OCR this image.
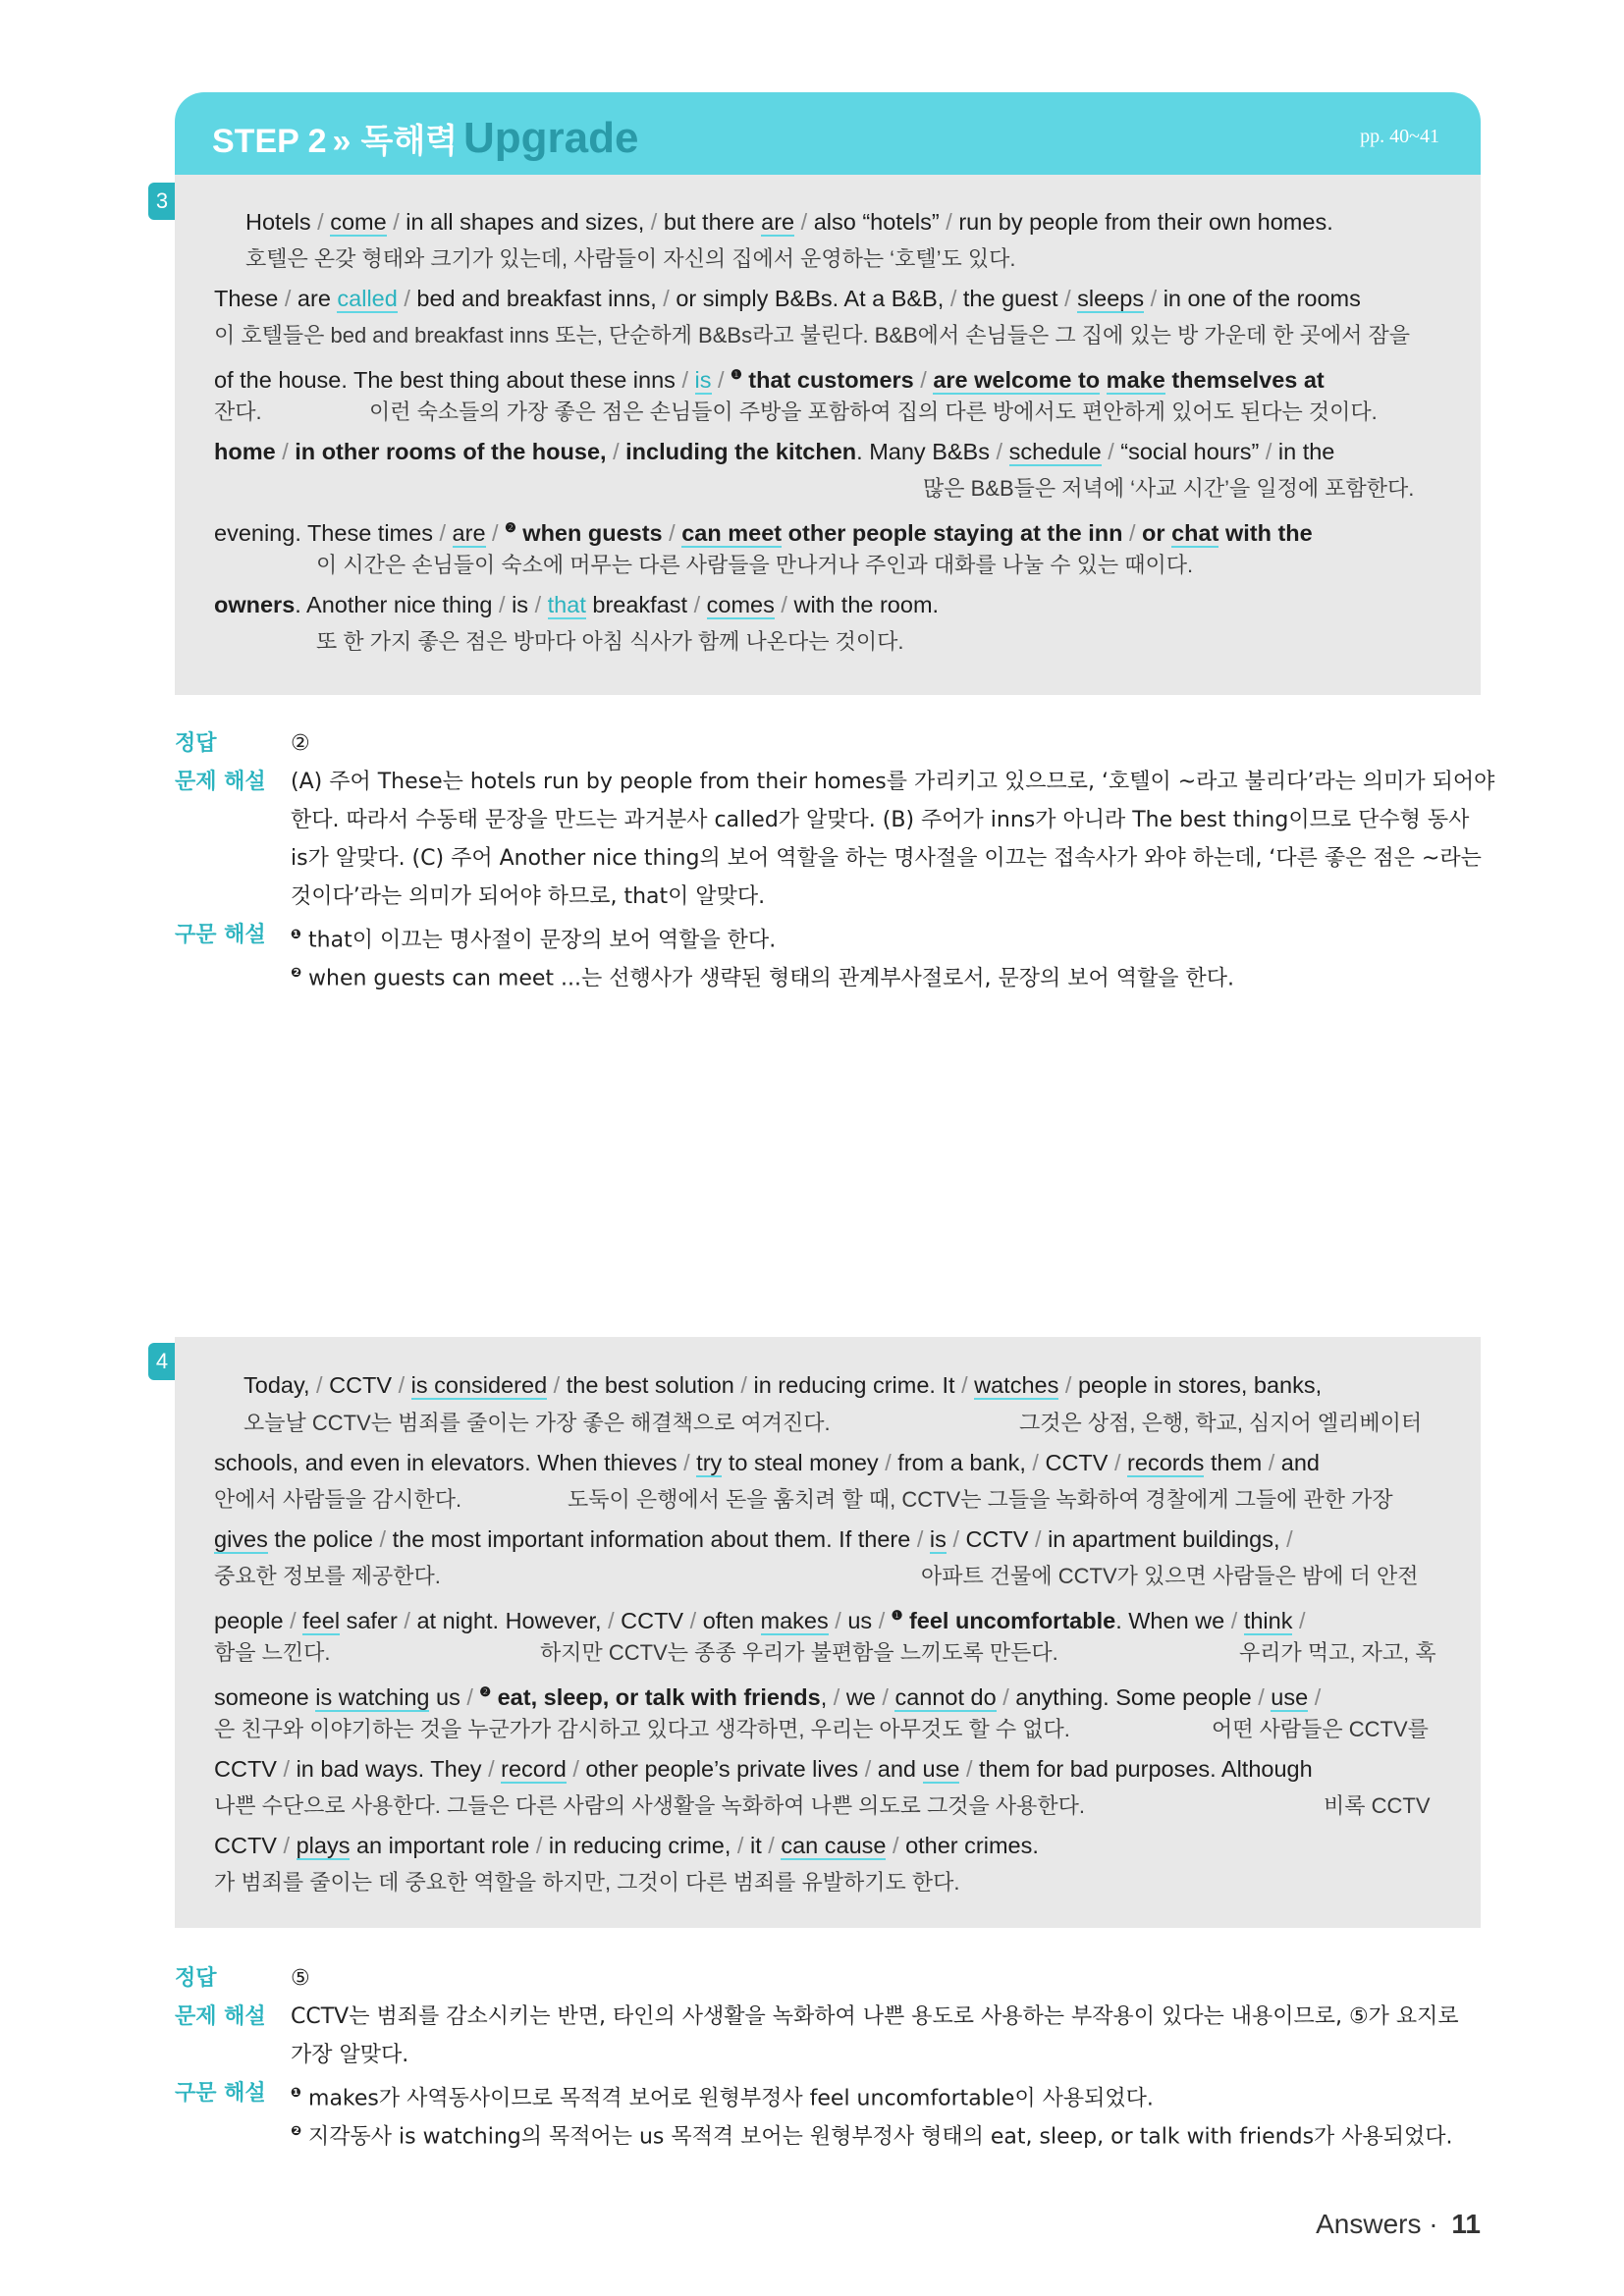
STEP 2 » 독해력 Upgrade	pp. 40~41
3

Hotels / come / in all shapes and sizes, / but there are / also “hotels” / run by people from their own homes.

호텔은 온갖 형태와 크기가 있는데, 사람들이 자신의 집에서 운영하는 ‘호텔’도 있다.

These / are called / bed and breakfast inns, / or simply B&Bs. At a B&B, / the guest / sleeps / in one of the rooms

이 호텔들은 bed and breakfast inns 또는, 단순하게 B&Bs라고 불린다. B&B에서 손님들은 그 집에 있는 방 가운데 한 곳에서 잠을

of the house. The best thing about these inns / is / $^❶$ that customers / are welcome to make themselves at

잔다.	이런 숙소들의 가장 좋은 점은 손님들이 주방을 포함하여 집의 다른 방에서도 편안하게 있어도 된다는 것이다.

home / in other rooms of the house, / including the kitchen. Many B&Bs / schedule / “social hours” / in the

많은 B&B들은 저녁에 ‘사교 시간’을 일정에 포함한다.

evening. These times / are / $^❷$ when guests / can meet other people staying at the inn / or chat with the

이 시간은 손님들이 숙소에 머무는 다른 사람들을 만나거나 주인과 대화를 나눌 수 있는 때이다.

owners. Another nice thing / is / that breakfast / comes / with the room.

또 한 가지 좋은 점은 방마다 아침 식사가 함께 나온다는 것이다.

정답	②
문제 해설 (A) 주어 These는 hotels run by people from their homes를 가리키고 있으므로, ‘호텔이 ~라고 불리다’라는 의미가 되어야
한다. 따라서 수동태 문장을 만드는 과거분사 called가 알맞다. (B) 주어가 inns가 아니라 The best thing이므로 단수형 동사
is가 알맞다. (C) 주어 Another nice thing의 보어 역할을 하는 명사절을 이끄는 접속사가 와야 하는데, ‘다른 좋은 점은 ~라는
것이다’라는 의미가 되어야 하므로, that이 알맞다.
구문 해설 $^❶$ that이 이끄는 명사절이 문장의 보어 역할을 한다.
$^❷$ when guests can meet ...는 선행사가 생략된 형태의 관계부사절로서, 문장의 보어 역할을 한다.
4

Today, / CCTV / is considered / the best solution / in reducing crime. It / watches / people in stores, banks,

오늘날 CCTV는 범죄를 줄이는 가장 좋은 해결책으로 여겨진다.	그것은 상점, 은행, 학교, 심지어 엘리베이터

schools, and even in elevators. When thieves / try to steal money / from a bank, / CCTV / records them / and

안에서 사람들을 감시한다.	도둑이 은행에서 돈을 훔치려 할 때, CCTV는 그들을 녹화하여 경찰에게 그들에 관한 가장

gives the police / the most important information about them. If there / is / CCTV / in apartment buildings, /

중요한 정보를 제공한다.	아파트 건물에 CCTV가 있으면 사람들은 밤에 더 안전

people / feel safer / at night. However, / CCTV / often makes / us / $^❶$ feel uncomfortable. When we / think /

함을 느낀다.	하지만 CCTV는 종종 우리가 불편함을 느끼도록 만든다.	우리가 먹고, 자고, 혹

someone is watching us / $^❷$ eat, sleep, or talk with friends, / we / cannot do / anything. Some people / use /

은 친구와 이야기하는 것을 누군가가 감시하고 있다고 생각하면, 우리는 아무것도 할 수 없다.	어떤 사람들은 CCTV를

CCTV / in bad ways. They / record / other people’s private lives / and use / them for bad purposes. Although

나쁜 수단으로 사용한다. 그들은 다른 사람의 사생활을 녹화하여 나쁜 의도로 그것을 사용한다.	비록 CCTV

CCTV / plays an important role / in reducing crime, / it / can cause / other crimes.

가 범죄를 줄이는 데 중요한 역할을 하지만, 그것이 다른 범죄를 유발하기도 한다.

정답	⑤
문제 해설 CCTV는 범죄를 감소시키는 반면, 타인의 사생활을 녹화하여 나쁜 용도로 사용하는 부작용이 있다는 내용이므로, ⑤가 요지로
가장 알맞다.
구문 해설 $^❶$ makes가 사역동사이므로 목적격 보어로 원형부정사 feel uncomfortable이 사용되었다.
$^❷$ 지각동사 is watching의 목적어는 us 목적격 보어는 원형부정사 형태의 eat, sleep, or talk with friends가 사용되었다.
Answers · 11
